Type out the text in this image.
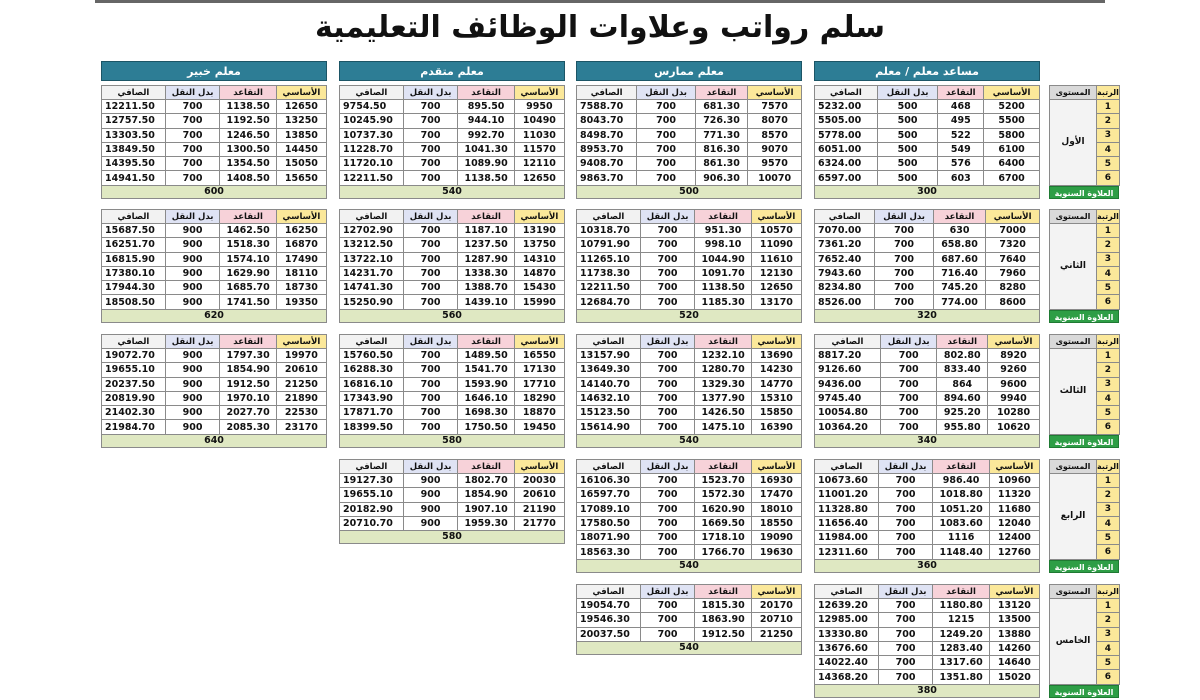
سلم رواتب وعلاوات الوظائف التعليمية
مساعد معلم / معلم
معلم ممارس
معلم متقدم
معلم خبير
الصافي	بدل النقل	التقاعد	الأساسي
5232.00	500	468	5200
5505.00	500	495	5500
5778.00	500	522	5800
6051.00	500	549	6100
6324.00	500	576	6400
6597.00	500	603	6700
300
الصافي	بدل النقل	التقاعد	الأساسي
7588.70	700	681.30	7570
8043.70	700	726.30	8070
8498.70	700	771.30	8570
8953.70	700	816.30	9070
9408.70	700	861.30	9570
9863.70	700	906.30	10070
500
الصافي	بدل النقل	التقاعد	الأساسي
9754.50	700	895.50	9950
10245.90	700	944.10	10490
10737.30	700	992.70	11030
11228.70	700	1041.30	11570
11720.10	700	1089.90	12110
12211.50	700	1138.50	12650
540
الصافي	بدل النقل	التقاعد	الأساسي
12211.50	700	1138.50	12650
12757.50	700	1192.50	13250
13303.50	700	1246.50	13850
13849.50	700	1300.50	14450
14395.50	700	1354.50	15050
14941.50	700	1408.50	15650
600
الصافي	بدل النقل	التقاعد	الأساسي
7070.00	700	630	7000
7361.20	700	658.80	7320
7652.40	700	687.60	7640
7943.60	700	716.40	7960
8234.80	700	745.20	8280
8526.00	700	774.00	8600
320
الصافي	بدل النقل	التقاعد	الأساسي
10318.70	700	951.30	10570
10791.90	700	998.10	11090
11265.10	700	1044.90	11610
11738.30	700	1091.70	12130
12211.50	700	1138.50	12650
12684.70	700	1185.30	13170
520
الصافي	بدل النقل	التقاعد	الأساسي
12702.90	700	1187.10	13190
13212.50	700	1237.50	13750
13722.10	700	1287.90	14310
14231.70	700	1338.30	14870
14741.30	700	1388.70	15430
15250.90	700	1439.10	15990
560
الصافي	بدل النقل	التقاعد	الأساسي
15687.50	900	1462.50	16250
16251.70	900	1518.30	16870
16815.90	900	1574.10	17490
17380.10	900	1629.90	18110
17944.30	900	1685.70	18730
18508.50	900	1741.50	19350
620
الصافي	بدل النقل	التقاعد	الأساسي
8817.20	700	802.80	8920
9126.60	700	833.40	9260
9436.00	700	864	9600
9745.40	700	894.60	9940
10054.80	700	925.20	10280
10364.20	700	955.80	10620
340
الصافي	بدل النقل	التقاعد	الأساسي
13157.90	700	1232.10	13690
13649.30	700	1280.70	14230
14140.70	700	1329.30	14770
14632.10	700	1377.90	15310
15123.50	700	1426.50	15850
15614.90	700	1475.10	16390
540
الصافي	بدل النقل	التقاعد	الأساسي
15760.50	700	1489.50	16550
16288.30	700	1541.70	17130
16816.10	700	1593.90	17710
17343.90	700	1646.10	18290
17871.70	700	1698.30	18870
18399.50	700	1750.50	19450
580
الصافي	بدل النقل	التقاعد	الأساسي
19072.70	900	1797.30	19970
19655.10	900	1854.90	20610
20237.50	900	1912.50	21250
20819.90	900	1970.10	21890
21402.30	900	2027.70	22530
21984.70	900	2085.30	23170
640
الصافي	بدل النقل	التقاعد	الأساسي
10673.60	700	986.40	10960
11001.20	700	1018.80	11320
11328.80	700	1051.20	11680
11656.40	700	1083.60	12040
11984.00	700	1116	12400
12311.60	700	1148.40	12760
360
الصافي	بدل النقل	التقاعد	الأساسي
16106.30	700	1523.70	16930
16597.70	700	1572.30	17470
17089.10	700	1620.90	18010
17580.50	700	1669.50	18550
18071.90	700	1718.10	19090
18563.30	700	1766.70	19630
540
الصافي	بدل النقل	التقاعد	الأساسي
19127.30	900	1802.70	20030
19655.10	900	1854.90	20610
20182.90	900	1907.10	21190
20710.70	900	1959.30	21770
580
الصافي	بدل النقل	التقاعد	الأساسي
12639.20	700	1180.80	13120
12985.00	700	1215	13500
13330.80	700	1249.20	13880
13676.60	700	1283.40	14260
14022.40	700	1317.60	14640
14368.20	700	1351.80	15020
380
الصافي	بدل النقل	التقاعد	الأساسي
19054.70	700	1815.30	20170
19546.30	700	1863.90	20710
20037.50	700	1912.50	21250
540
المستوى	الرتبة
الأول	1
	2
	3
	4
	5
	6
العلاوة السنوية
المستوى	الرتبة
الثاني	1
	2
	3
	4
	5
	6
العلاوة السنوية
المستوى	الرتبة
الثالث	1
	2
	3
	4
	5
	6
العلاوة السنوية
المستوى	الرتبة
الرابع	1
	2
	3
	4
	5
	6
العلاوة السنوية
المستوى	الرتبة
الخامس	1
	2
	3
	4
	5
	6
العلاوة السنوية
